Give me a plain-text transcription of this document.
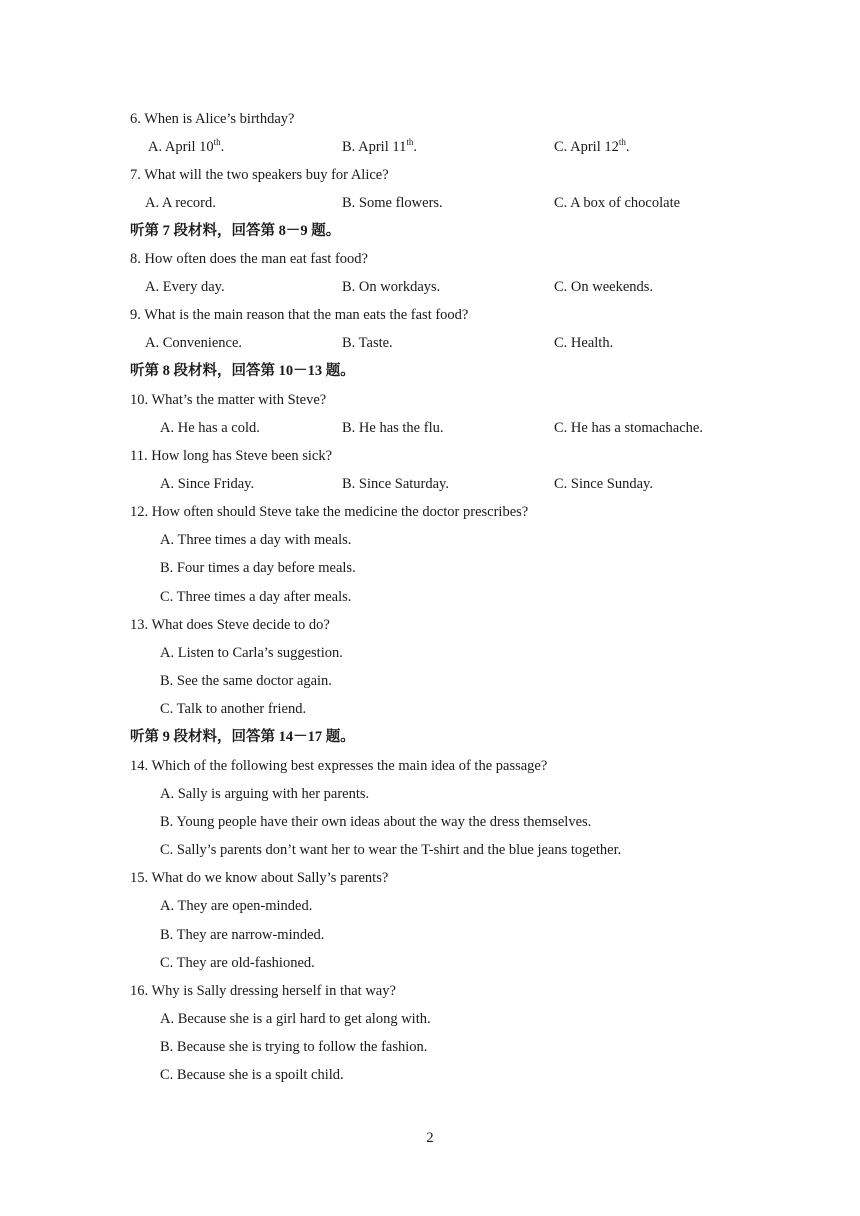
6. When is Alice’s birthday?
A. April 10th.	B. April 11th.	C. April 12th.
7. What will the two speakers buy for Alice?
A. A record.	B. Some flowers.	C. A box of chocolate
听第 7 段材料，回答第 8－9 题。
8. How often does the man eat fast food?
A. Every day.	B. On workdays.	C. On weekends.
9. What is the main reason that the man eats the fast food?
A. Convenience.	B. Taste.	C. Health.
听第 8 段材料，回答第 10－13 题。
10. What’s the matter with Steve?
A. He has a cold.	B. He has the flu.	C. He has a stomachache.
11. How long has Steve been sick?
A. Since Friday.	B. Since Saturday.	C. Since Sunday.
12. How often should Steve take the medicine the doctor prescribes?
A. Three times a day with meals.
B. Four times a day before meals.
C. Three times a day after meals.
13. What does Steve decide to do?
A. Listen to Carla’s suggestion.
B. See the same doctor again.
C. Talk to another friend.
听第 9 段材料，回答第 14－17 题。
14. Which of the following best expresses the main idea of the passage?
A. Sally is arguing with her parents.
B. Young people have their own ideas about the way the dress themselves.
C. Sally’s parents don’t want her to wear the T-shirt and the blue jeans together.
15. What do we know about Sally’s parents?
A. They are open-minded.
B. They are narrow-minded.
C. They are old-fashioned.
16. Why is Sally dressing herself in that way?
A. Because she is a girl hard to get along with.
B. Because she is trying to follow the fashion.
C. Because she is a spoilt child.
2
